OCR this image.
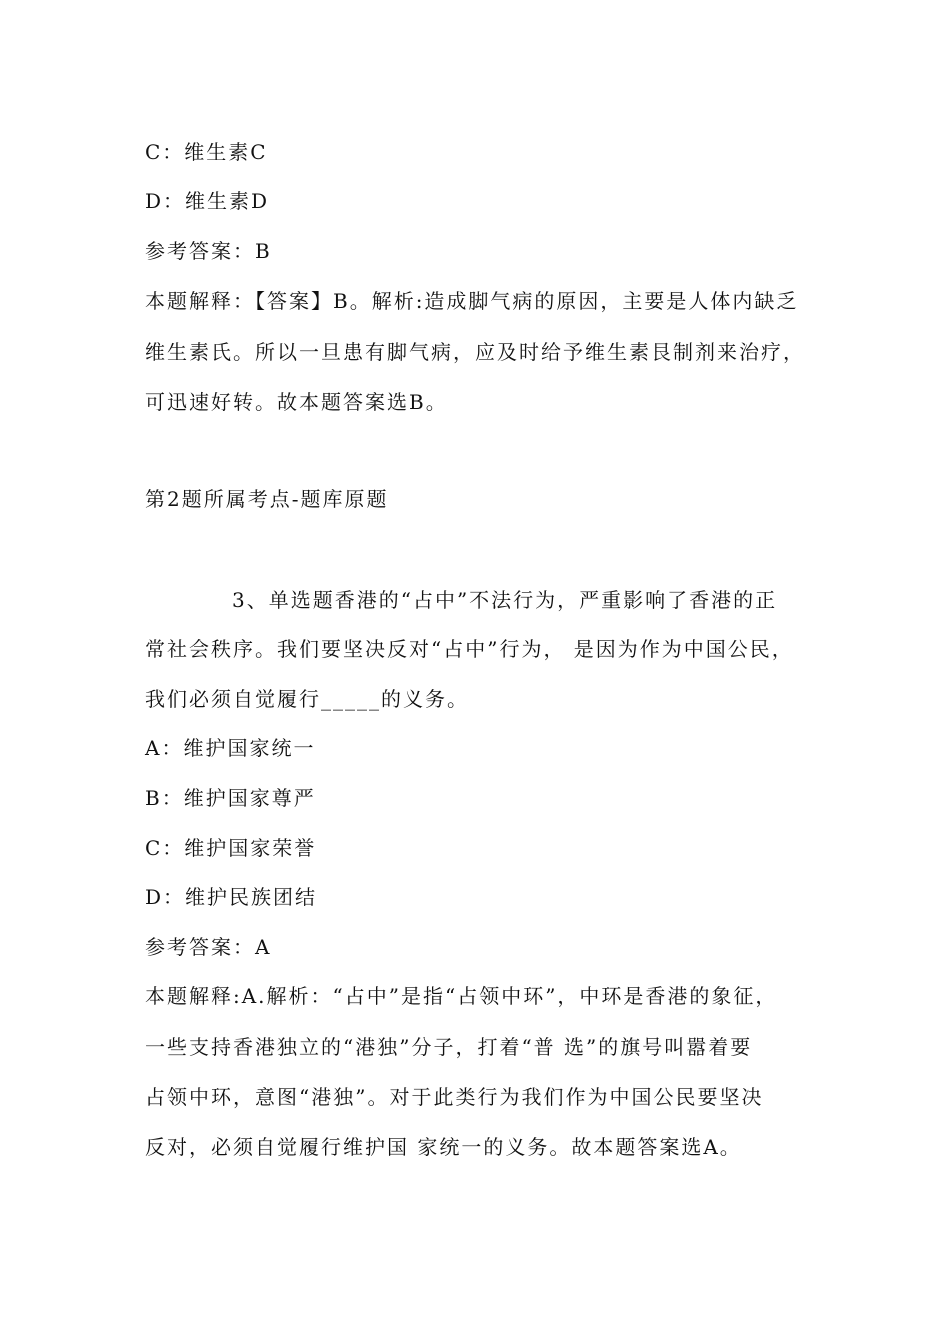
C：维生素C
D：维生素D
参考答案：B
本题解释：【答案】B。解析:造成脚气病的原因，主要是人体内缺乏
维生素氏。所以一旦患有脚气病，应及时给予维生素艮制剂来治疗，
可迅速好转。故本题答案选B。
第2题所属考点-题库原题
3、单选题香港的“占中”不法行为，严重影响了香港的正
常社会秩序。我们要坚决反对“占中”行为， 是因为作为中国公民，
我们必须自觉履行_____的义务。
A：维护国家统一
B：维护国家尊严
C：维护国家荣誉
D：维护民族团结
参考答案：A
本题解释:A.解析：“占中”是指“占领中环”，中环是香港的象征，
一些支持香港独立的“港独”分子，打着“普 选”的旗号叫嚣着要
占领中环，意图“港独”。对于此类行为我们作为中国公民要坚决
反对，必须自觉履行维护国 家统一的义务。故本题答案选A。
